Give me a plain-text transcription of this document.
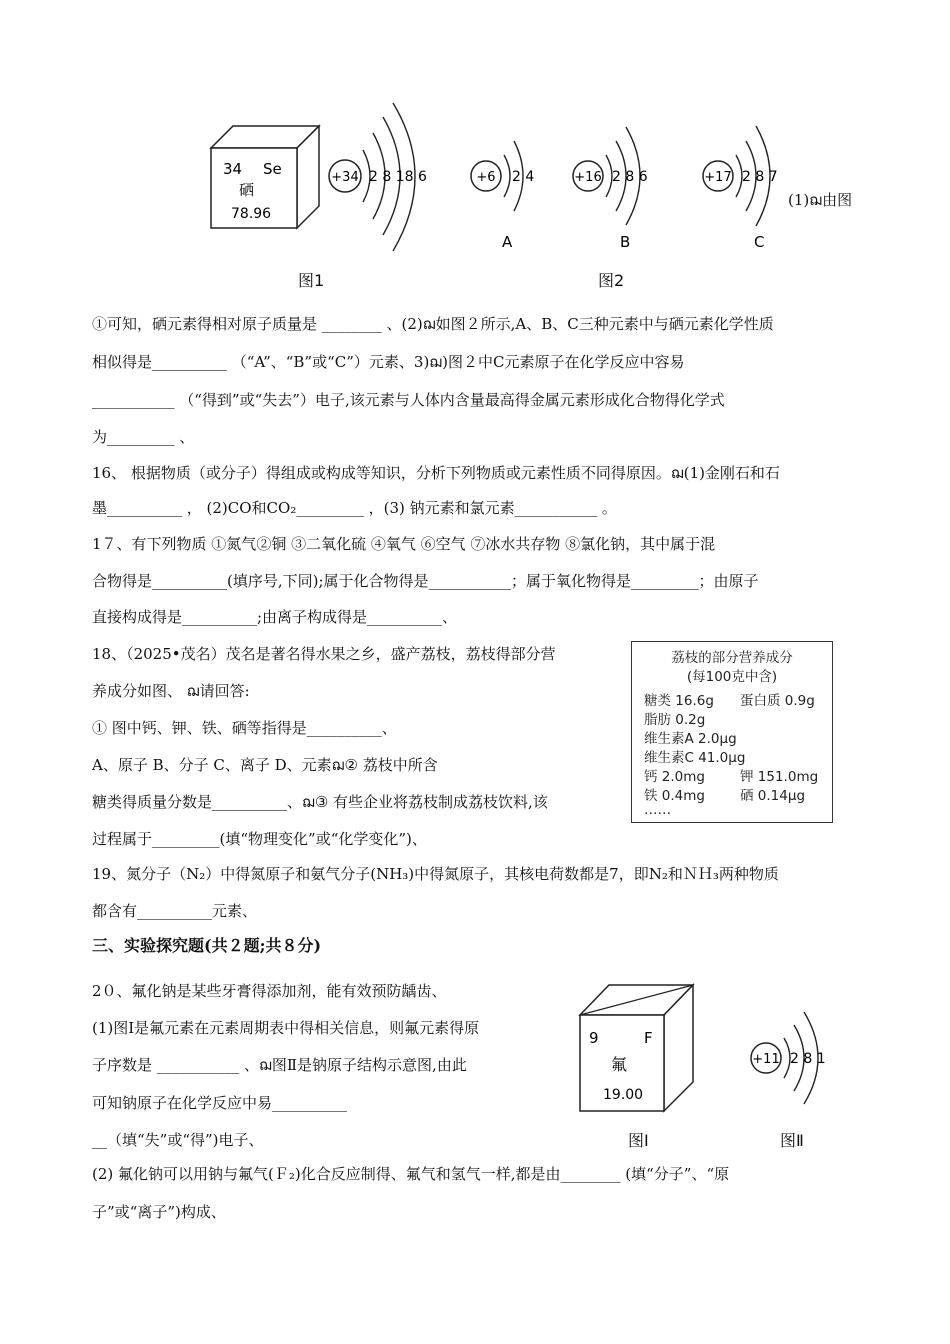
34 Se
硒
78.96
+34 2 8 18 6
图1
+6 2 4
A
+16 2 8 6
B
+17 2 8 7
C
图2
(1)ฌ由图
①可知，硒元素得相对原子质量是 ________ 、(2)ฌ如图２所示,A、B、C三种元素中与硒元素化学性质
相似得是__________ （“A”、“B”或“C”）元素、3)ฌ)图２中C元素原子在化学反应中容易
___________ （“得到”或“失去”）电子,该元素与人体内含量最高得金属元素形成化合物得化学式
为_________ 、
16、 根据物质（或分子）得组成或构成等知识，分析下列物质或元素性质不同得原因。ฌ(1)金刚石和石
墨__________ ， (2)CO和CO₂_________ ，(3) 钠元素和氯元素___________ 。
1７、有下列物质 ①氮气②铜 ③二氧化硫 ④氧气 ⑥空气 ⑦冰水共存物 ⑧氯化钠，其中属于混
合物得是__________(填序号,下同);属于化合物得是___________；属于氧化物得是_________；由原子
直接构成得是__________;由离子构成得是__________、
18、（2025•茂名）茂名是著名得水果之乡，盛产荔枝，荔枝得部分营
养成分如图、 ฌ请回答:
① 图中钙、钾、铁、硒等指得是__________、
A、原子 B、分子 C、离子 D、元素ฌ② 荔枝中所含
糖类得质量分数是__________、ฌ③ 有些企业将荔枝制成荔枝饮料,该
过程属于_________(填“物理变化”或“化学变化”)、
荔枝的部分营养成分
(每100克中含)
糖类 16.6g 蛋白质 0.9g
脂肪 0.2g
维生素A 2.0μg
维生素C 41.0μg
钙 2.0mg	钾 151.0mg
铁 0.4mg	硒 0.14μg
……
19、氮分子（N₂）中得氮原子和氨气分子(NH₃)中得氮原子，其核电荷数都是7，即N₂和ＮＨ₃两种物质
都含有__________元素、
三、实验探究题(共２题;共８分)
2０、氟化钠是某些牙膏得添加剂，能有效预防龋齿、
(1)图Ⅰ是氟元素在元素周期表中得相关信息，则氟元素得原
子序数是 ___________ 、ฌ图Ⅱ是钠原子结构示意图,由此
可知钠原子在化学反应中易__________
__（填“失”或“得”)电子、
(2) 氟化钠可以用钠与氟气(Ｆ₂)化合反应制得、氟气和氢气一样,都是由________ (填“分子”、“原
子”或“离子”)构成、
9	F
氟
19.00
图Ⅰ
+11 2 8 1
图Ⅱ
